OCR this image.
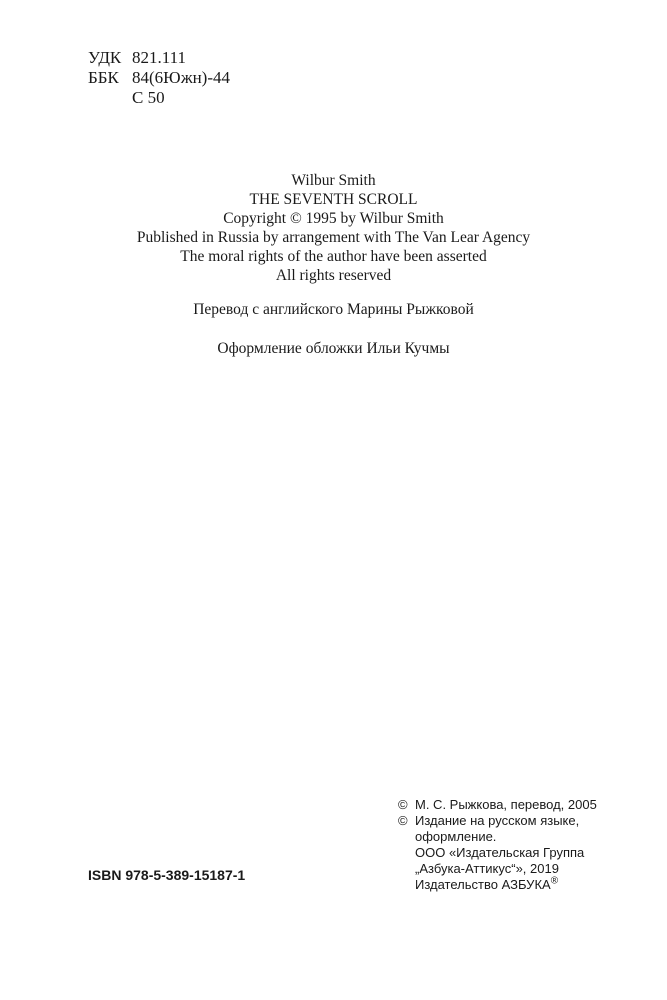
УДК 821.111
ББК 84(6Южн)-44
С 50
Wilbur Smith
THE SEVENTH SCROLL
Copyright © 1995 by Wilbur Smith
Published in Russia by arrangement with The Van Lear Agency
The moral rights of the author have been asserted
All rights reserved
Перевод с английского Марины Рыжковой
Оформление обложки Ильи Кучмы
ISBN 978-5-389-15187-1
© М. С. Рыжкова, перевод, 2005
© Издание на русском языке,
оформление.
ООО «Издательская Группа
„Азбука-Аттикус“», 2019
Издательство АЗБУКА®
